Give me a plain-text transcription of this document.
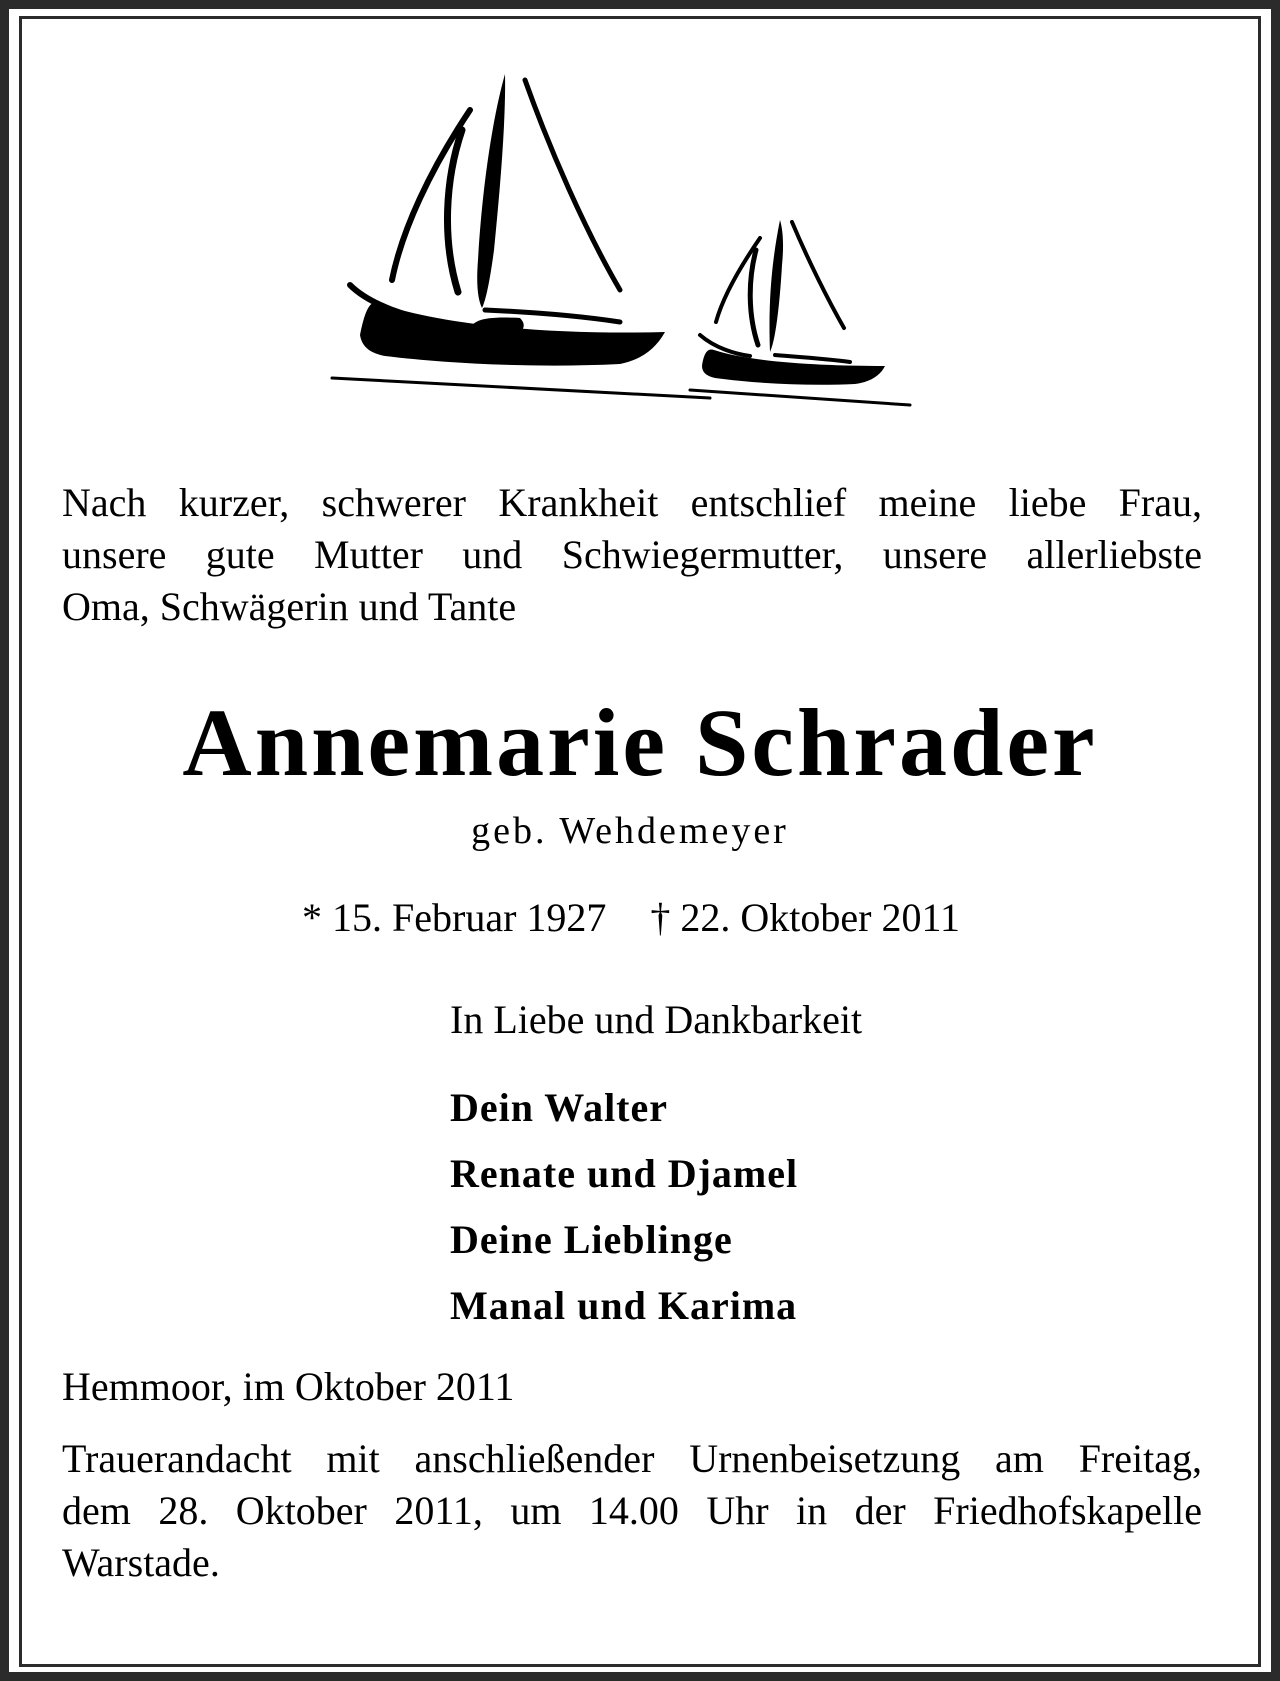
Nach kurzer, schwerer Krankheit entschlief meine liebe Frau,
unsere gute Mutter und Schwiegermutter, unsere allerliebste
Oma, Schwägerin und Tante

Annemarie Schrader
geb. Wehdemeyer
* 15. Februar 1927 † 22. Oktober 2011
In Liebe und Dankbarkeit
Dein Walter
Renate und Djamel
Deine Lieblinge
Manal und Karima
Hemmoor, im Oktober 2011

Trauerandacht mit anschließender Urnenbeisetzung am Freitag,
dem 28. Oktober 2011, um 14.00 Uhr in der Friedhofskapelle
Warstade.
